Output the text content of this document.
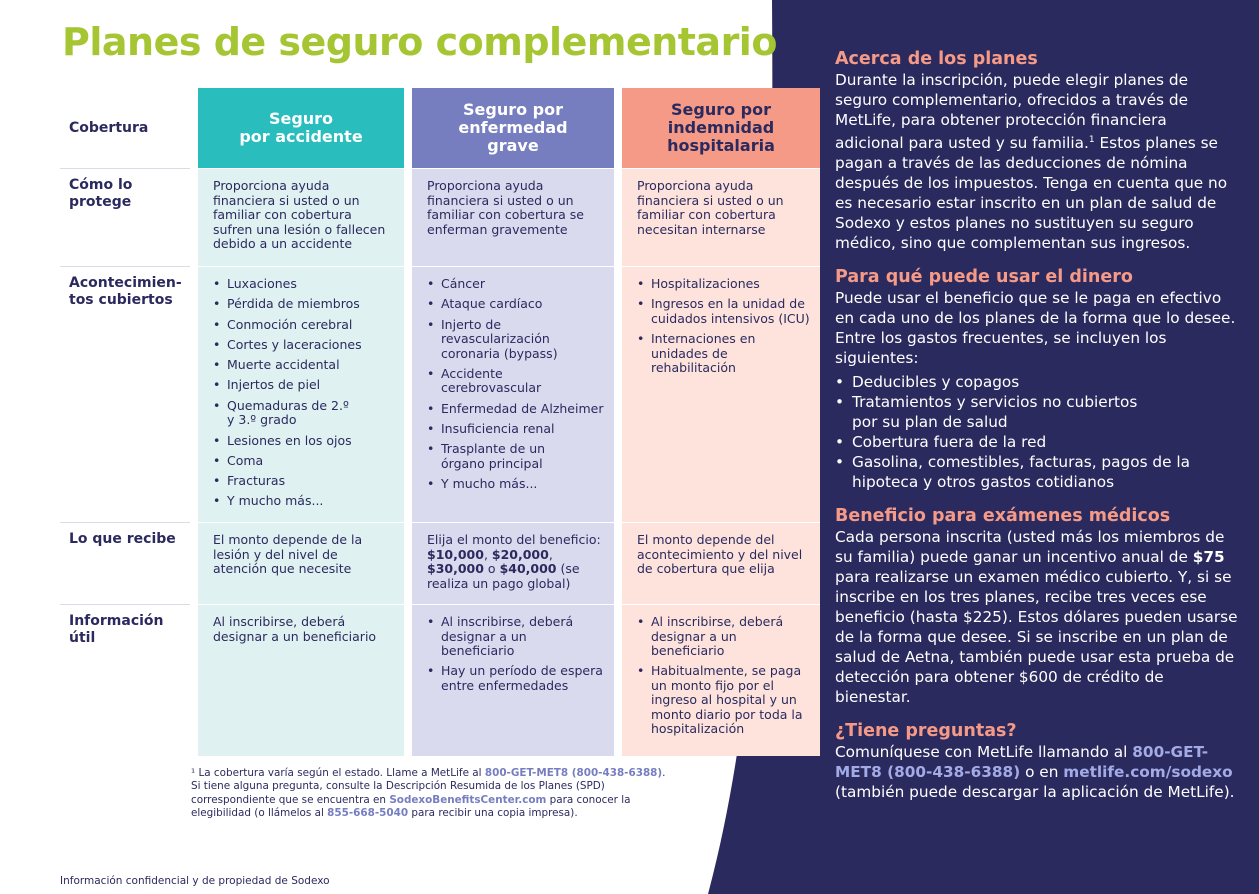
Planes de seguro complementario
Cobertura	Seguro
por accidente
Seguro por
enfermedad
grave
Seguro por
indemnidad
hospitalaria
Cómo lo protege
Proporciona ayuda financiera si usted o un familiar con cobertura sufren una lesión o fallecen debido a un accidente
Proporciona ayuda financiera si usted o un familiar con cobertura se enferman gravemente
Proporciona ayuda financiera si usted o un familiar con cobertura necesitan internarse
Acontecimien-
tos cubiertos
• Luxaciones
• Pérdida de miembros
• Conmoción cerebral
• Cortes y laceraciones
• Muerte accidental
• Injertos de piel
• Quemaduras de 2.º y 3.º grado
• Lesiones en los ojos
• Coma
• Fracturas
• Y mucho más...
• Cáncer
• Ataque cardíaco
• Injerto de revascularización coronaria (bypass)
• Accidente cerebrovascular
• Enfermedad de Alzheimer
• Insuficiencia renal
• Trasplante de un órgano principal
• Y mucho más...
• Hospitalizaciones
• Ingresos en la unidad de cuidados intensivos (ICU)
• Internaciones en unidades de rehabilitación
Lo que recibe	El monto depende de la lesión y del nivel de atención que necesite
Elija el monto del beneficio: $10,000, $20,000, $30,000 o $40,000 (se realiza un pago global)
El monto depende del acontecimiento y del nivel de cobertura que elija
Información útil
Al inscribirse, deberá designar a un beneficiario
• Al inscribirse, deberá designar a un beneficiario
• Hay un período de espera entre enfermedades
• Al inscribirse, deberá designar a un beneficiario
• Habitualmente, se paga un monto fijo por el ingreso al hospital y un monto diario por toda la hospitalización
¹ La cobertura varía según el estado. Llame a MetLife al 800-GET-MET8 (800-438-6388).
Si tiene alguna pregunta, consulte la Descripción Resumida de los Planes (SPD) correspondiente que se encuentra en SodexoBenefitsCenter.com para conocer la elegibilidad (o llámelos al 855-668-5040 para recibir una copia impresa).
Información confidencial y de propiedad de Sodexo
Acerca de los planes

Durante la inscripción, puede elegir planes de seguro complementario, ofrecidos a través de MetLife, para obtener protección financiera adicional para usted y su familia.$^1$ Estos planes se pagan a través de las deducciones de nómina después de los impuestos. Tenga en cuenta que no es necesario estar inscrito en un plan de salud de Sodexo y estos planes no sustituyen su seguro médico, sino que complementan sus ingresos.

Para qué puede usar el dinero

Puede usar el beneficio que se le paga en efectivo en cada uno de los planes de la forma que lo desee. Entre los gastos frecuentes, se incluyen los siguientes:

• Deducibles y copagos
• Tratamientos y servicios no cubiertos por su plan de salud
• Cobertura fuera de la red
• Gasolina, comestibles, facturas, pagos de la hipoteca y otros gastos cotidianos
Beneficio para exámenes médicos

Cada persona inscrita (usted más los miembros de su familia) puede ganar un incentivo anual de $75 para realizarse un examen médico cubierto. Y, si se inscribe en los tres planes, recibe tres veces ese beneficio (hasta $225). Estos dólares pueden usarse de la forma que desee. Si se inscribe en un plan de salud de Aetna, también puede usar esta prueba de detección para obtener $600 de crédito de bienestar.

¿Tiene preguntas?

Comuníquese con MetLife llamando al 800-GET-MET8 (800-438-6388) o en metlife.com/sodexo (también puede descargar la aplicación de MetLife).
